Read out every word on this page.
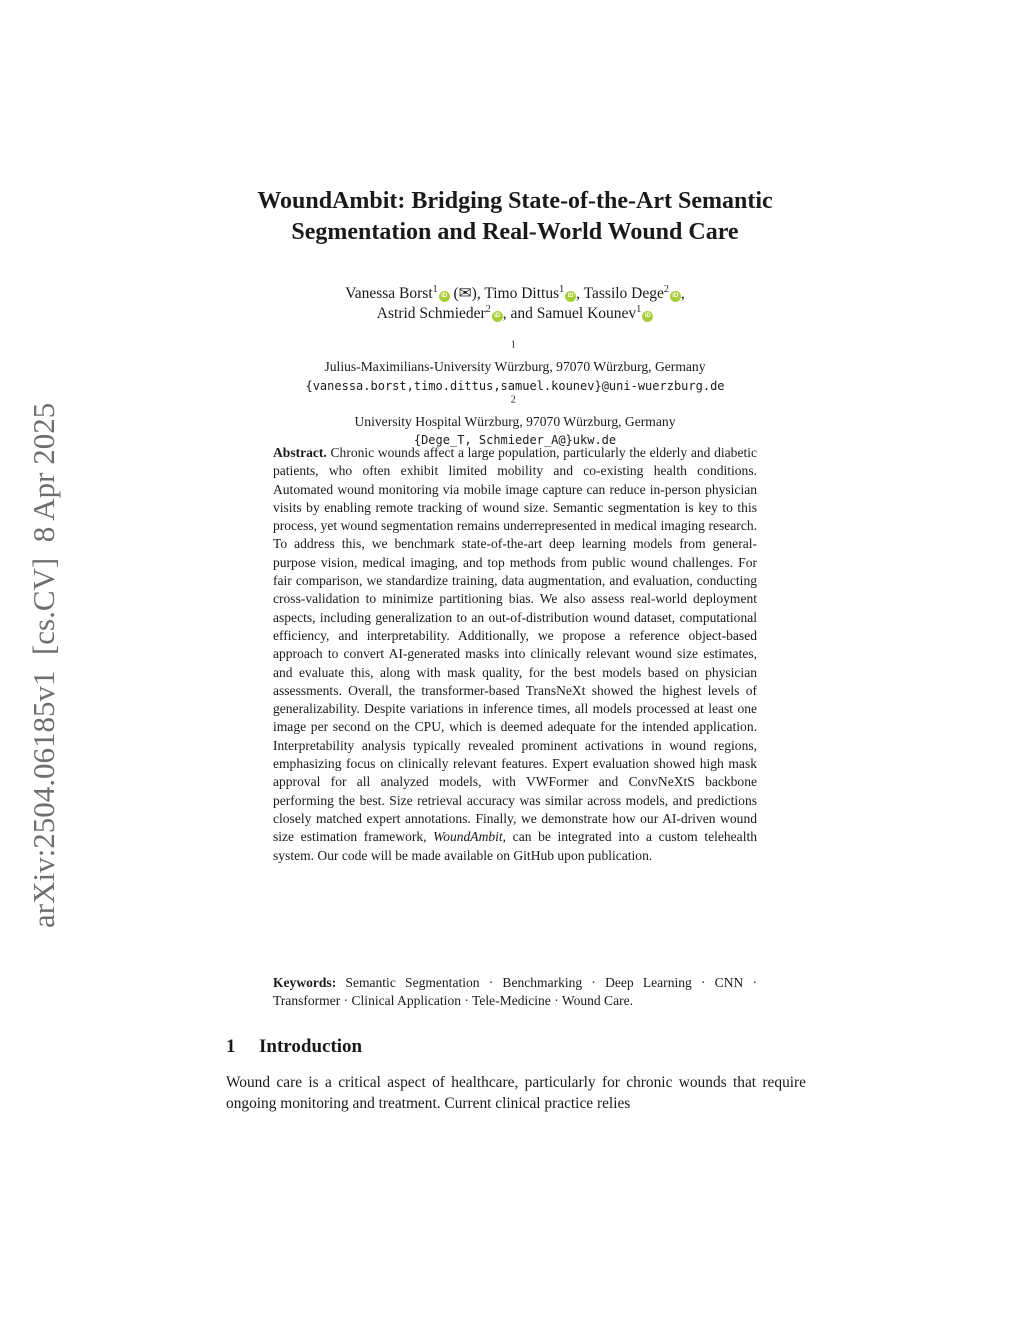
arXiv:2504.06185v1  [cs.CV]  8 Apr 2025
WoundAmbit: Bridging State-of-the-Art Semantic
Segmentation and Real-World Wound Care
Vanessa Borst$^1$iD (✉), Timo Dittus$^1$iD , Tassilo Dege$^2$iD ,
Astrid Schmieder$^2$iD , and Samuel Kounev$^1$iD
$^1$
Julius-Maximilians-University Würzburg, 97070 Würzburg, Germany
{vanessa.borst,timo.dittus,samuel.kounev}@uni-wuerzburg.de
$^2$
University Hospital Würzburg, 97070 Würzburg, Germany
{Dege_T, Schmieder_A@}ukw.de
Abstract. Chronic wounds affect a large population, particularly the elderly and diabetic patients, who often exhibit limited mobility and co-existing health conditions. Automated wound monitoring via mobile image capture can reduce in-person physician visits by enabling remote tracking of wound size. Semantic segmentation is key to this process, yet wound segmentation remains underrepresented in medical imaging research. To address this, we benchmark state-of-the-art deep learning models from general-purpose vision, medical imaging, and top methods from public wound challenges. For fair comparison, we standardize training, data augmentation, and evaluation, conducting cross-validation to minimize partitioning bias. We also assess real-world deployment aspects, including generalization to an out-of-distribution wound dataset, computational efficiency, and interpretability. Additionally, we propose a reference object-based approach to convert AI-generated masks into clinically relevant wound size estimates, and evaluate this, along with mask quality, for the best models based on physician assessments. Overall, the transformer-based TransNeXt showed the highest levels of generalizability. Despite variations in inference times, all models processed at least one image per second on the CPU, which is deemed adequate for the intended application. Interpretability analysis typically revealed prominent activations in wound regions, emphasizing focus on clinically relevant features. Expert evaluation showed high mask approval for all analyzed models, with VWFormer and ConvNeXtS backbone performing the best. Size retrieval accuracy was similar across models, and predictions closely matched expert annotations. Finally, we demonstrate how our AI-driven wound size estimation framework, WoundAmbit, can be integrated into a custom telehealth system. Our code will be made available on GitHub upon publication.
Keywords: Semantic Segmentation · Benchmarking · Deep Learning · CNN · Transformer · Clinical Application · Tele-Medicine · Wound Care.
1 Introduction
Wound care is a critical aspect of healthcare, particularly for chronic wounds that require ongoing monitoring and treatment. Current clinical practice relies
